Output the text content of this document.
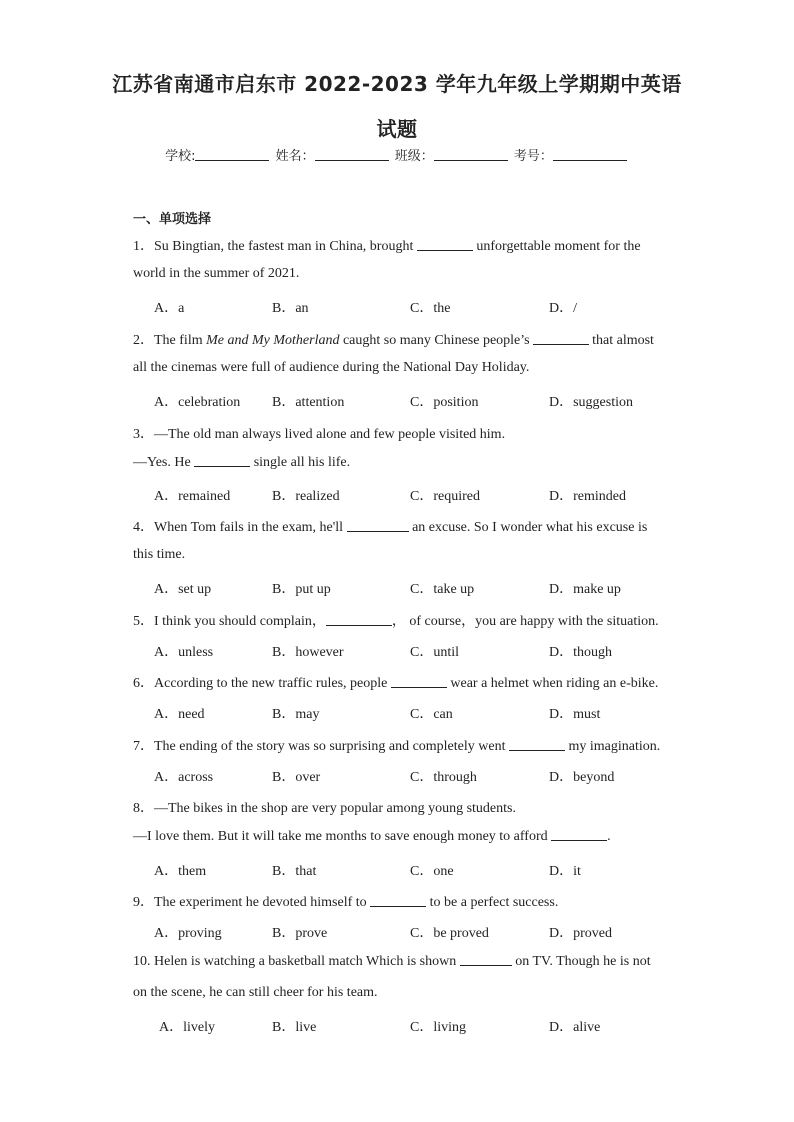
江苏省南通市启东市 2022-2023 学年九年级上学期期中英语
试题
学校:	姓名：	班级：	考号：
一、单项选择
1．Su Bingtian, the fastest man in China, brought	unforgettable moment for the
world in the summer of 2021.
A．a	B．an	C．the	D．/
2．The film Me and My Motherland caught so many Chinese people’s	that almost
all the cinemas were full of audience during the National Day Holiday.
A．celebration B．attention	C．position	D．suggestion
3．—The old man always lived alone and few people visited him.
—Yes. He	single all his life.
A．remained	B．realized	C．required	D．reminded
4．When Tom fails in the exam, he'll	an excuse. So I wonder what his excuse is
this time.
A．set up	B．put up	C．take up	D．make up
5．I think you should complain，	， of course，you are happy with the situation.
A．unless	B．however	C．until	D．though
6．According to the new traffic rules, people	wear a helmet when riding an e-bike.
A．need	B．may	C．can	D．must
7．The ending of the story was so surprising and completely went	my imagination.
A．across	B．over	C．through	D．beyond
8．—The bikes in the shop are very popular among young students.
—I love them. But it will take me months to save enough money to afford	.
A．them	B．that	C．one	D．it
9．The experiment he devoted himself to	to be a perfect success.
A．proving	B．prove	C．be proved	D．proved
10. Helen is watching a basketball match Which is shown	on TV. Though he is not
on the scene, he can still cheer for his team.
A．lively	B．live	C．living	D．alive
